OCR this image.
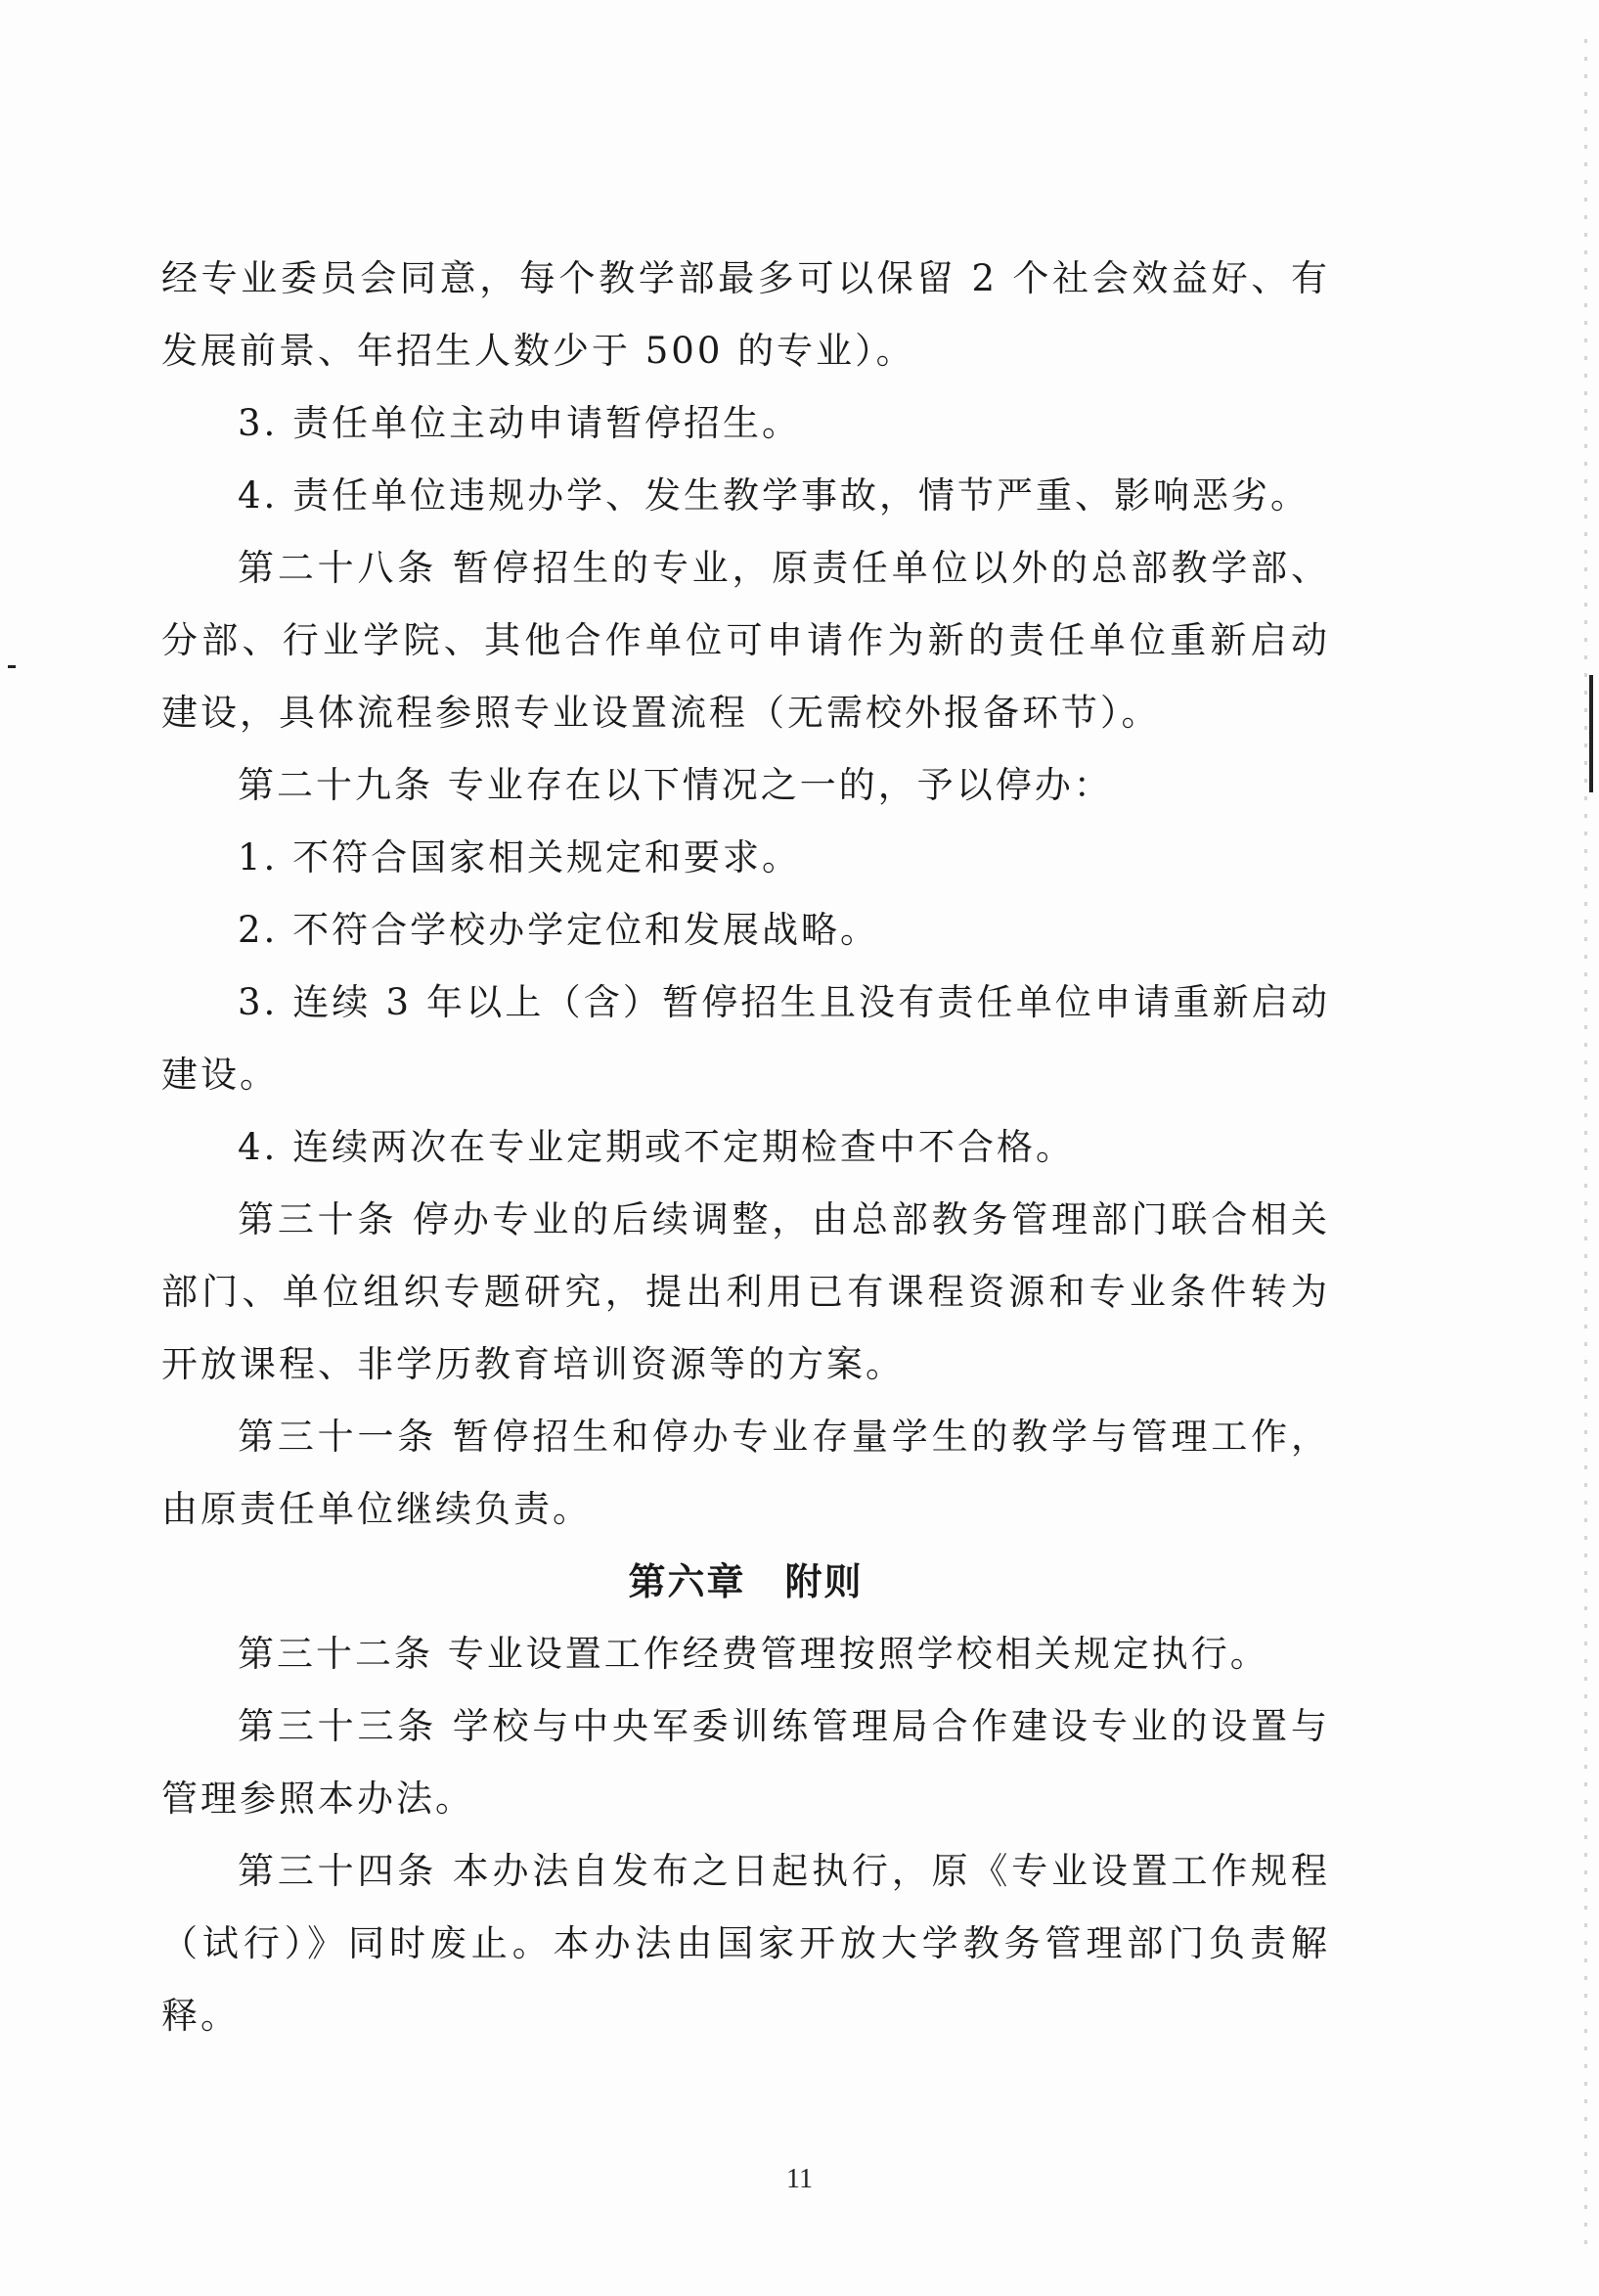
经专业委员会同意，每个教学部最多可以保留 2 个社会效益好、有发展前景、年招生人数少于 500 的专业）。

3. 责任单位主动申请暂停招生。

4. 责任单位违规办学、发生教学事故，情节严重、影响恶劣。

第二十八条 暂停招生的专业，原责任单位以外的总部教学部、分部、行业学院、其他合作单位可申请作为新的责任单位重新启动建设，具体流程参照专业设置流程（无需校外报备环节）。

第二十九条 专业存在以下情况之一的，予以停办：

1. 不符合国家相关规定和要求。

2. 不符合学校办学定位和发展战略。

3. 连续 3 年以上（含）暂停招生且没有责任单位申请重新启动建设。

4. 连续两次在专业定期或不定期检查中不合格。

第三十条 停办专业的后续调整，由总部教务管理部门联合相关部门、单位组织专题研究，提出利用已有课程资源和专业条件转为开放课程、非学历教育培训资源等的方案。

第三十一条 暂停招生和停办专业存量学生的教学与管理工作，由原责任单位继续负责。

第六章　附则

第三十二条 专业设置工作经费管理按照学校相关规定执行。

第三十三条 学校与中央军委训练管理局合作建设专业的设置与管理参照本办法。

第三十四条 本办法自发布之日起执行，原《专业设置工作规程（试行）》同时废止。本办法由国家开放大学教务管理部门负责解释。

11
